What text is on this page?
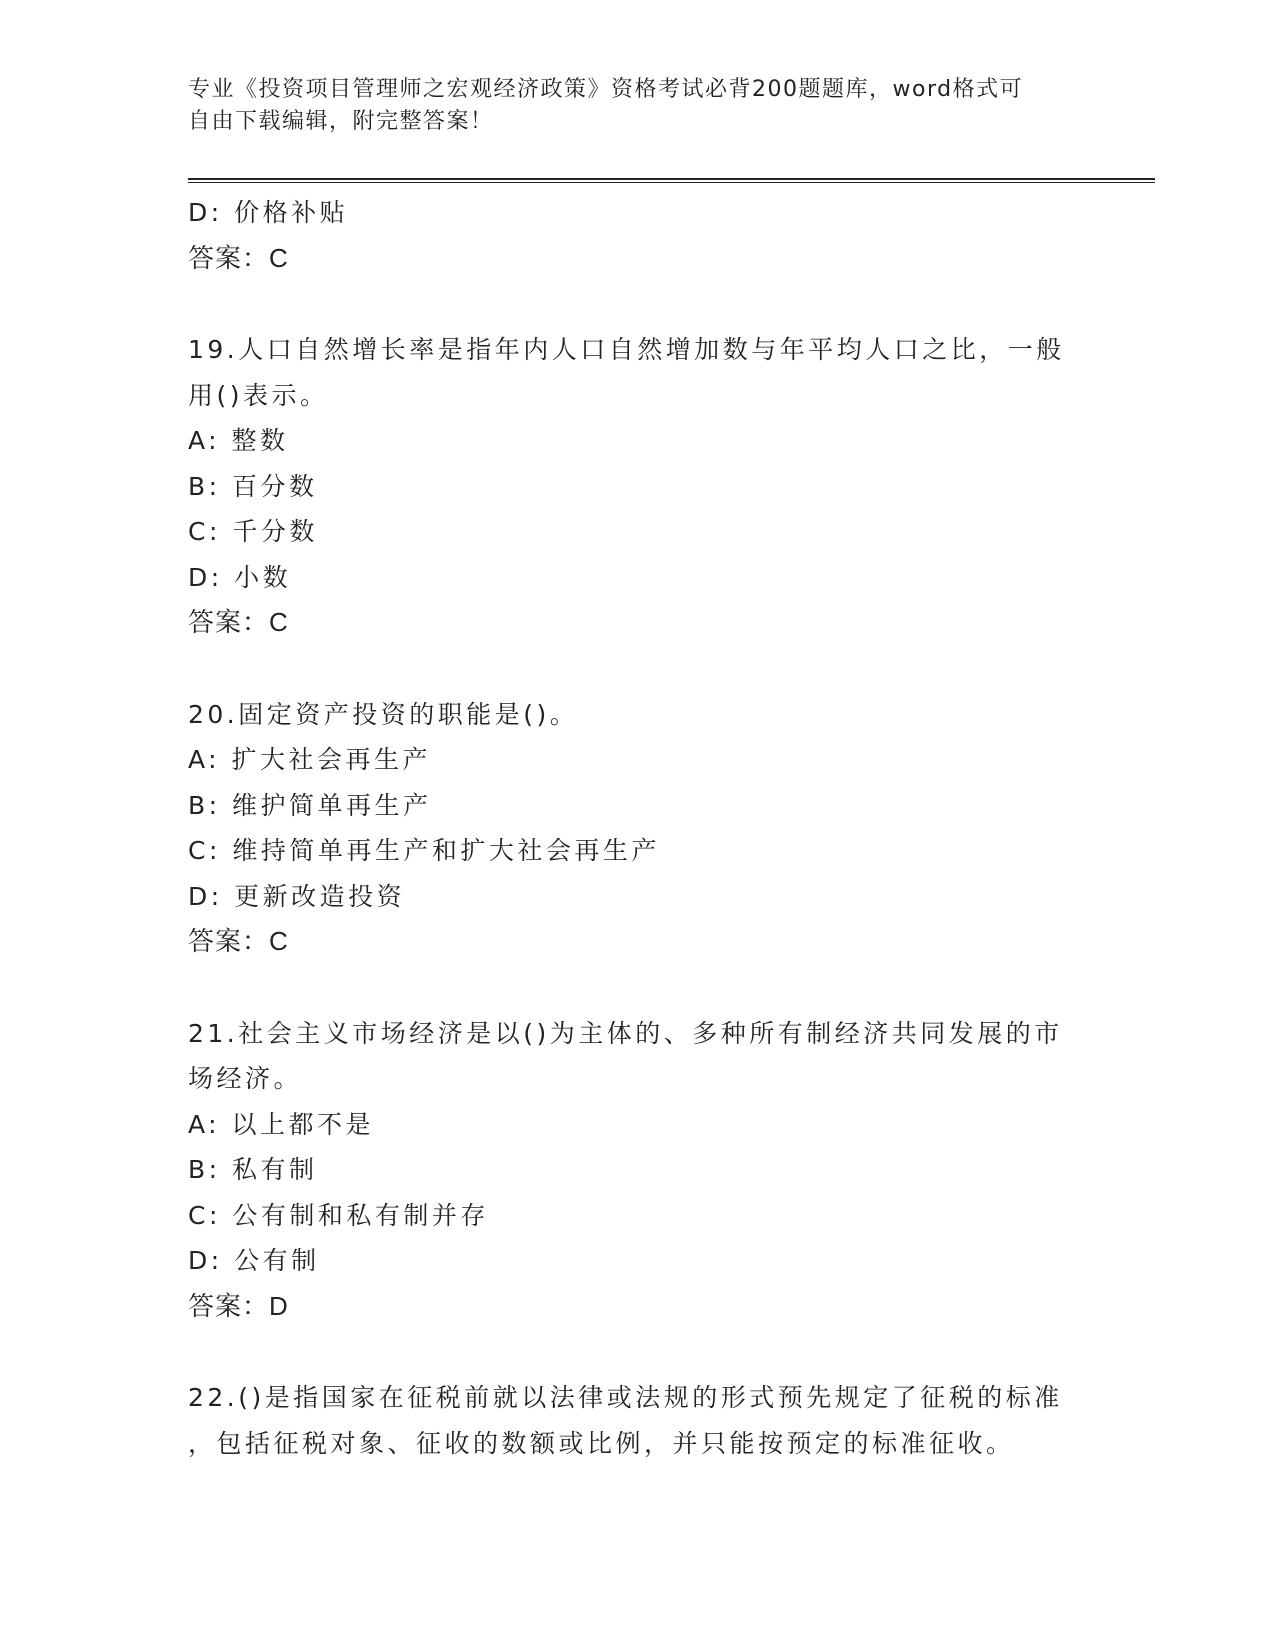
专业《投资项目管理师之宏观经济政策》资格考试必背200题题库，word格式可
自由下载编辑，附完整答案！
D: 价格补贴
答案：C
19.人口自然增长率是指年内人口自然增加数与年平均人口之比，一般
用()表示。
A: 整数
B: 百分数
C: 千分数
D: 小数
答案：C
20.固定资产投资的职能是()。
A: 扩大社会再生产
B: 维护简单再生产
C: 维持简单再生产和扩大社会再生产
D: 更新改造投资
答案：C
21.社会主义市场经济是以()为主体的、多种所有制经济共同发展的市
场经济。
A: 以上都不是
B: 私有制
C: 公有制和私有制并存
D: 公有制
答案：D
22.()是指国家在征税前就以法律或法规的形式预先规定了征税的标准
，包括征税对象、征收的数额或比例，并只能按预定的标准征收。
